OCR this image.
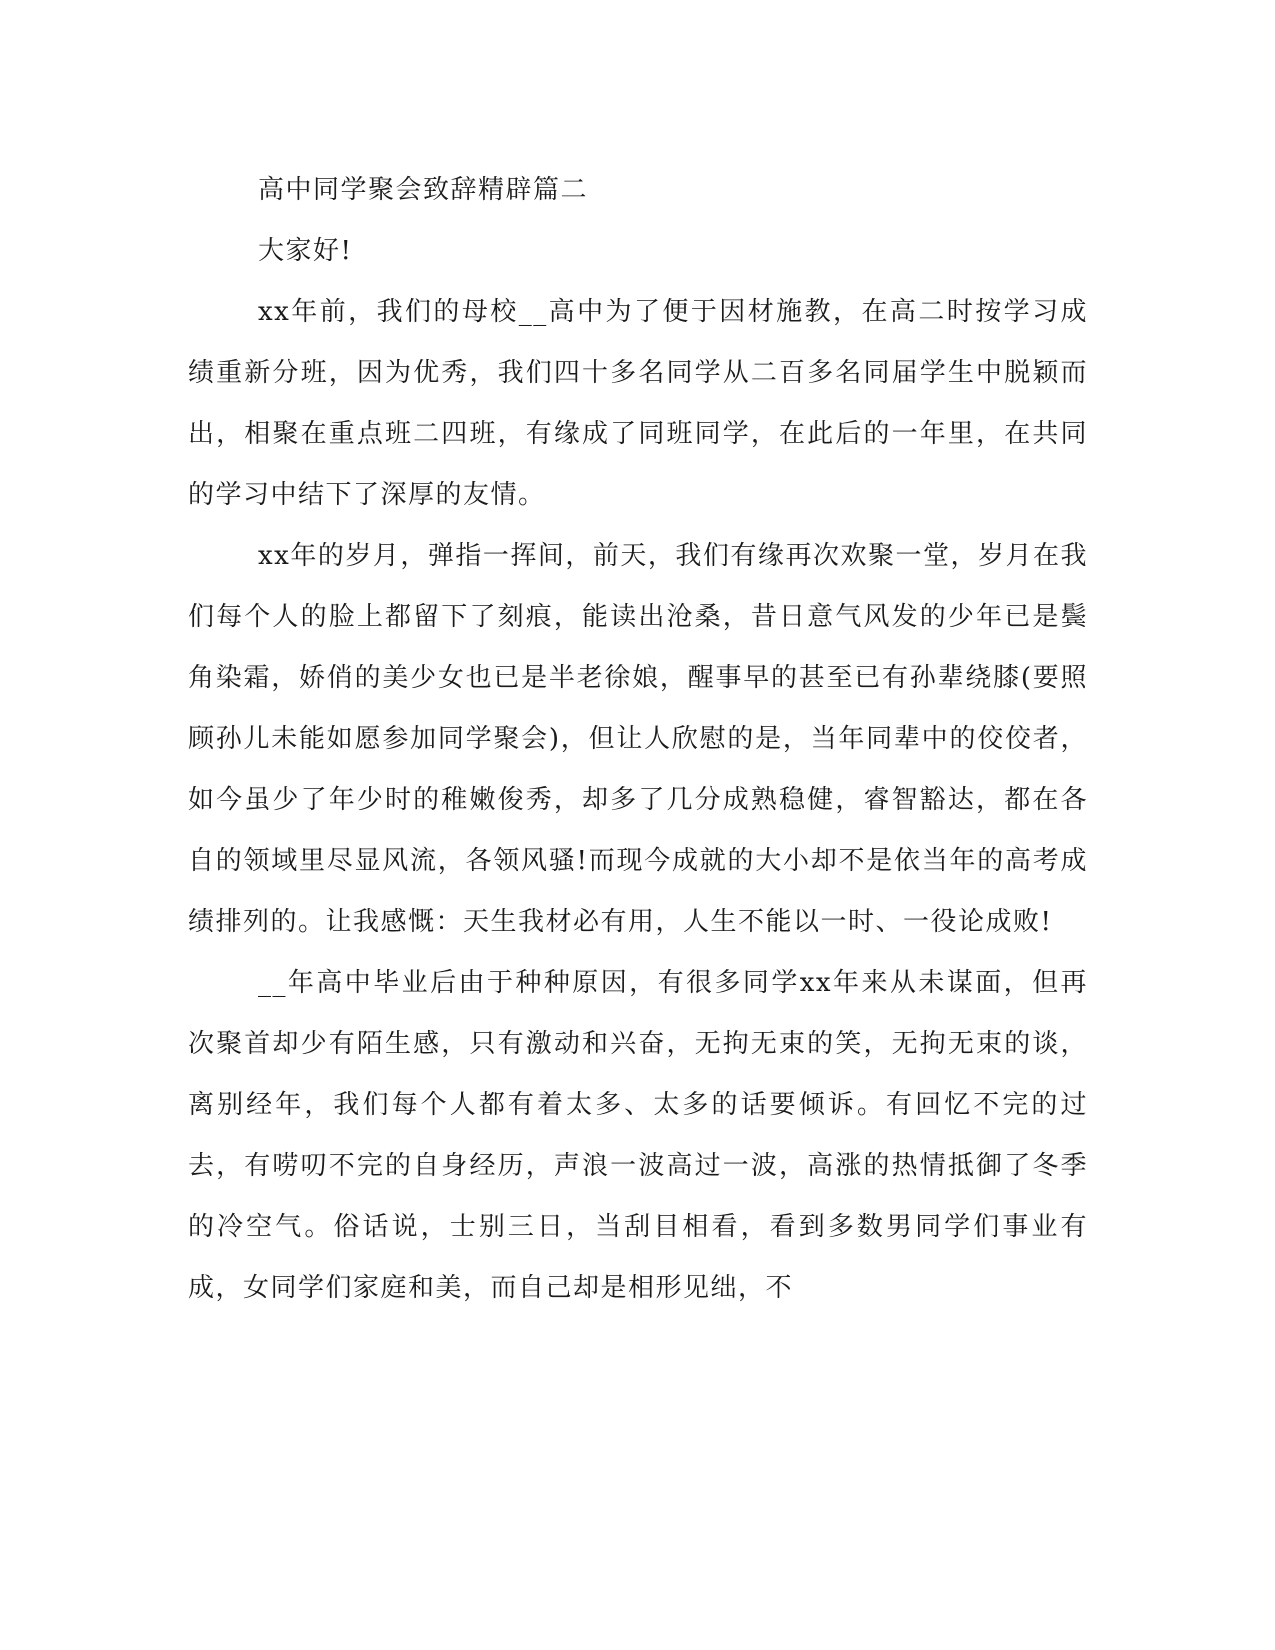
高中同学聚会致辞精辟篇二

大家好!

xx年前，我们的母校__高中为了便于因材施教，在高二时按学习成绩重新分班，因为优秀，我们四十多名同学从二百多名同届学生中脱颖而出，相聚在重点班二四班，有缘成了同班同学，在此后的一年里，在共同的学习中结下了深厚的友情。

xx年的岁月，弹指一挥间，前天，我们有缘再次欢聚一堂，岁月在我们每个人的脸上都留下了刻痕，能读出沧桑，昔日意气风发的少年已是鬓角染霜，娇俏的美少女也已是半老徐娘，醒事早的甚至已有孙辈绕膝(要照顾孙儿未能如愿参加同学聚会)，但让人欣慰的是，当年同辈中的佼佼者，如今虽少了年少时的稚嫩俊秀，却多了几分成熟稳健，睿智豁达，都在各自的领域里尽显风流，各领风骚!而现今成就的大小却不是依当年的高考成绩排列的。让我感慨：天生我材必有用，人生不能以一时、一役论成败!

__年高中毕业后由于种种原因，有很多同学xx年来从未谋面，但再次聚首却少有陌生感，只有激动和兴奋，无拘无束的笑，无拘无束的谈，离别经年，我们每个人都有着太多、太多的话要倾诉。有回忆不完的过去，有唠叨不完的自身经历，声浪一波高过一波，高涨的热情抵御了冬季的冷空气。俗话说，士别三日，当刮目相看，看到多数男同学们事业有成，女同学们家庭和美，而自己却是相形见绌，不
